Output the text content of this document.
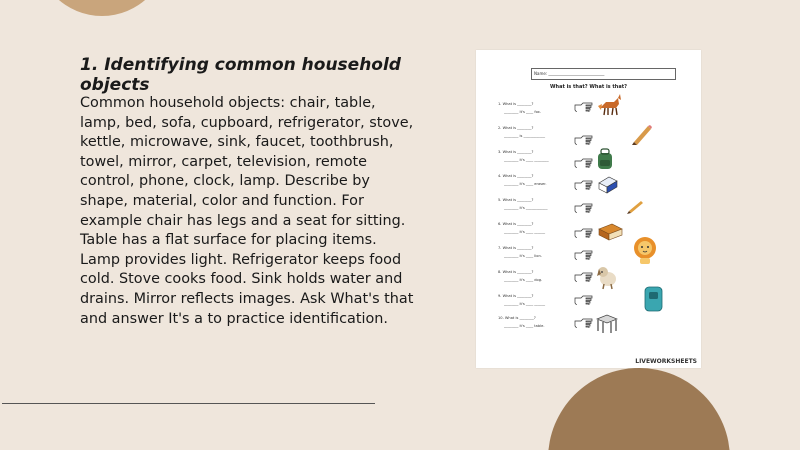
1. Identifying common household objects
Common household objects: chair, table, lamp, bed, sofa, cupboard, refrigerator, stove, kettle, microwave, sink, faucet, toothbrush, towel, mirror, carpet, television, remote control, phone, clock, lamp. Describe by shape, material, color and function. For example chair has legs and a seat for sitting. Table has a flat surface for placing items. Lamp provides light. Refrigerator keeps food cold. Stove cooks food. Sink holds water and drains. Mirror reflects images. Ask What's that and answer It's a to practice identification.
Name: ____________________________
What is that? What is that?
1. What is ________?
________ It's ____ fox.
2. What is ________?
________ is ____________
3. What is ________?
________ it's ____ ________
4. What is ________?
________ it's ____ eraser.
5. What is ________?
________ it's ____________
6. What is ________?
________ it's ____ ______
7. What is ________?
________ it's ____ lion.
8. What is ________?
________ it's ____ dog.
9. What is ________?
________ it's ____ ______
10. What is ________?
________ it's ____ table.
LIVEWORKSHEETS
